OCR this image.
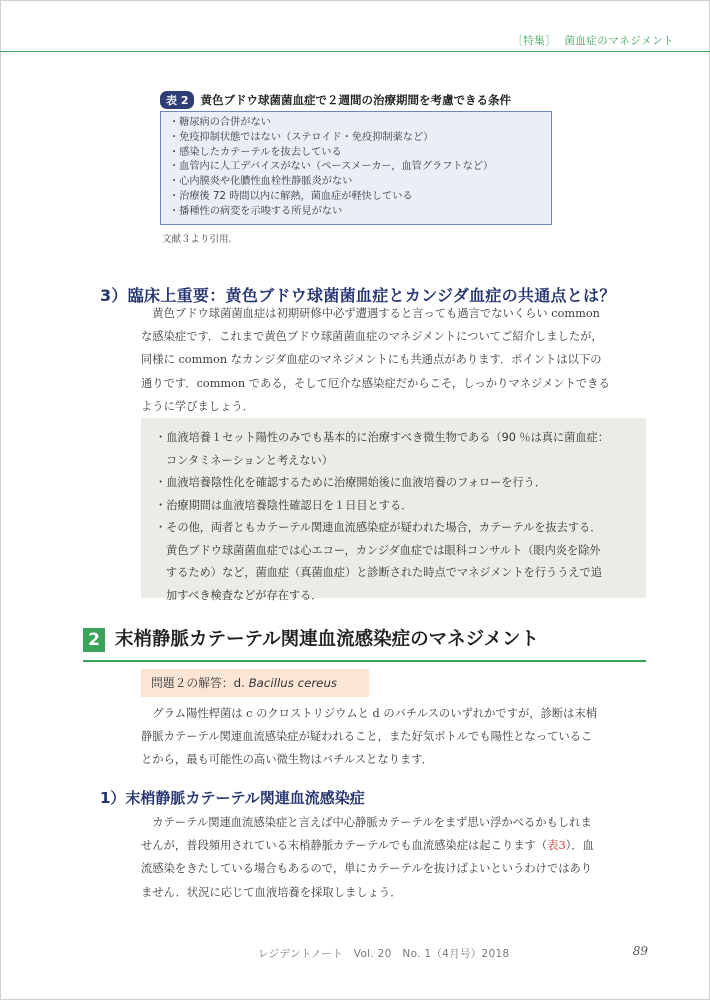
［特集］ 菌血症のマネジメント
表 2 黄色ブドウ球菌菌血症で２週間の治療期間を考慮できる条件
・糖尿病の合併がない
・免疫抑制状態ではない（ステロイド・免疫抑制薬など）
・感染したカテーテルを抜去している
・血管内に人工デバイスがない（ペースメーカー，血管グラフトなど）
・心内膜炎や化膿性血栓性静脈炎がない
・治療後 72 時間以内に解熱，菌血症が軽快している
・播種性の病変を示唆する所見がない
文献３より引用.
3）臨床上重要：黄色ブドウ球菌菌血症とカンジダ血症の共通点とは？
　黄色ブドウ球菌菌血症は初期研修中必ず遭遇すると言っても過言でないくらい common
な感染症です．これまで黄色ブドウ球菌菌血症のマネジメントについてご紹介しましたが，
同様に common なカンジダ血症のマネジメントにも共通点があります．ポイントは以下の
通りです．common である，そして厄介な感染症だからこそ，しっかりマネジメントできる
ように学びましょう．
・血液培養１セット陽性のみでも基本的に治療すべき微生物である（90 ％は真に菌血症：
コンタミネーションと考えない）
・血液培養陰性化を確認するために治療開始後に血液培養のフォローを行う．
・治療期間は血液培養陰性確認日を１日目とする．
・その他，両者ともカテーテル関連血流感染症が疑われた場合，カテーテルを抜去する．
黄色ブドウ球菌菌血症では心エコー，カンジダ血症では眼科コンサルト（眼内炎を除外
するため）など，菌血症（真菌血症）と診断された時点でマネジメントを行ううえで追
加すべき検査などが存在する．
2 末梢静脈カテーテル関連血流感染症のマネジメント
問題２の解答：d. Bacillus cereus
　グラム陽性桿菌は c のクロストリジウムと d のバチルスのいずれかですが，診断は末梢
静脈カテーテル関連血流感染症が疑われること，また好気ボトルでも陽性となっているこ
とから，最も可能性の高い微生物はバチルスとなります．
1）末梢静脈カテーテル関連血流感染症
　カテーテル関連血流感染症と言えば中心静脈カテーテルをまず思い浮かべるかもしれま
せんが，普段頻用されている末梢静脈カテーテルでも血流感染症は起こります（表3）．血
流感染をきたしている場合もあるので，単にカテーテルを抜けばよいというわけではあり
ません．状況に応じて血液培養を採取しましょう．
レジデントノート　Vol. 20　No. 1（4月号）2018	89
